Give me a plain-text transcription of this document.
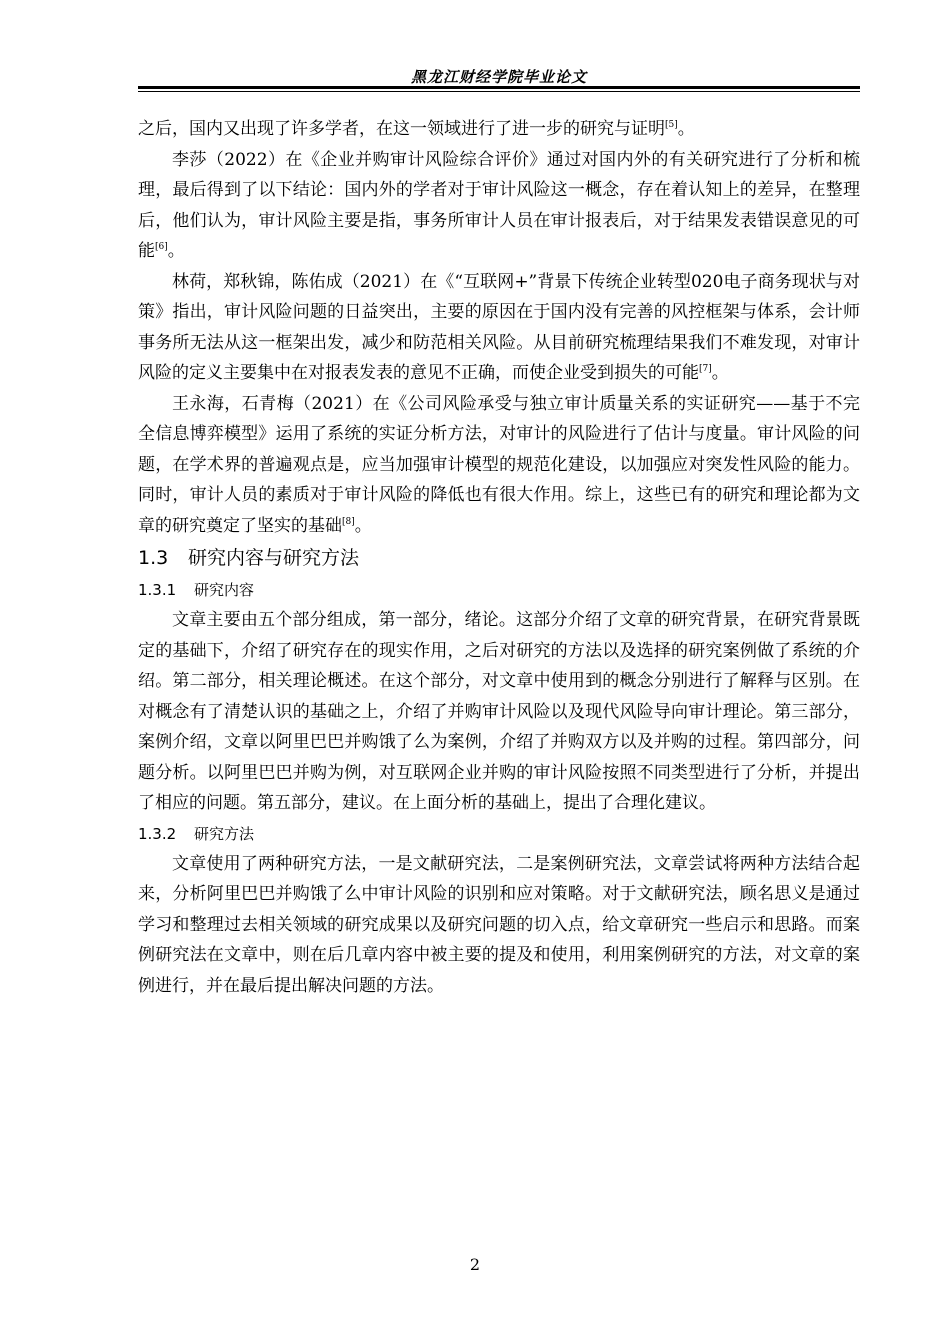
黑龙江财经学院毕业论文

之后，国内又出现了许多学者，在这一领域进行了进一步的研究与证明[5]。

李莎（2022）在《企业并购审计风险综合评价》通过对国内外的有关研究进行了分析和梳理，最后得到了以下结论：国内外的学者对于审计风险这一概念，存在着认知上的差异，在整理后，他们认为，审计风险主要是指，事务所审计人员在审计报表后，对于结果发表错误意见的可能[6]。

林荷，郑秋锦，陈佑成（2021）在《“互联网+”背景下传统企业转型020电子商务现状与对策》指出，审计风险问题的日益突出，主要的原因在于国内没有完善的风控框架与体系，会计师事务所无法从这一框架出发，减少和防范相关风险。从目前研究梳理结果我们不难发现，对审计风险的定义主要集中在对报表发表的意见不正确，而使企业受到损失的可能[7]。

王永海，石青梅（2021）在《公司风险承受与独立审计质量关系的实证研究——基于不完全信息博弈模型》运用了系统的实证分析方法，对审计的风险进行了估计与度量。审计风险的问题，在学术界的普遍观点是，应当加强审计模型的规范化建设，以加强应对突发性风险的能力。同时，审计人员的素质对于审计风险的降低也有很大作用。综上，这些已有的研究和理论都为文章的研究奠定了坚实的基础[8]。

1.3 研究内容与研究方法
1.3.1 研究内容

文章主要由五个部分组成，第一部分，绪论。这部分介绍了文章的研究背景，在研究背景既定的基础下，介绍了研究存在的现实作用，之后对研究的方法以及选择的研究案例做了系统的介绍。第二部分，相关理论概述。在这个部分，对文章中使用到的概念分别进行了解释与区别。在对概念有了清楚认识的基础之上，介绍了并购审计风险以及现代风险导向审计理论。第三部分，案例介绍，文章以阿里巴巴并购饿了么为案例，介绍了并购双方以及并购的过程。第四部分，问题分析。以阿里巴巴并购为例，对互联网企业并购的审计风险按照不同类型进行了分析，并提出了相应的问题。第五部分，建议。在上面分析的基础上，提出了合理化建议。

1.3.2 研究方法

文章使用了两种研究方法，一是文献研究法，二是案例研究法，文章尝试将两种方法结合起来，分析阿里巴巴并购饿了么中审计风险的识别和应对策略。对于文献研究法，顾名思义是通过学习和整理过去相关领域的研究成果以及研究问题的切入点，给文章研究一些启示和思路。而案例研究法在文章中，则在后几章内容中被主要的提及和使用，利用案例研究的方法，对文章的案例进行，并在最后提出解决问题的方法。

2
